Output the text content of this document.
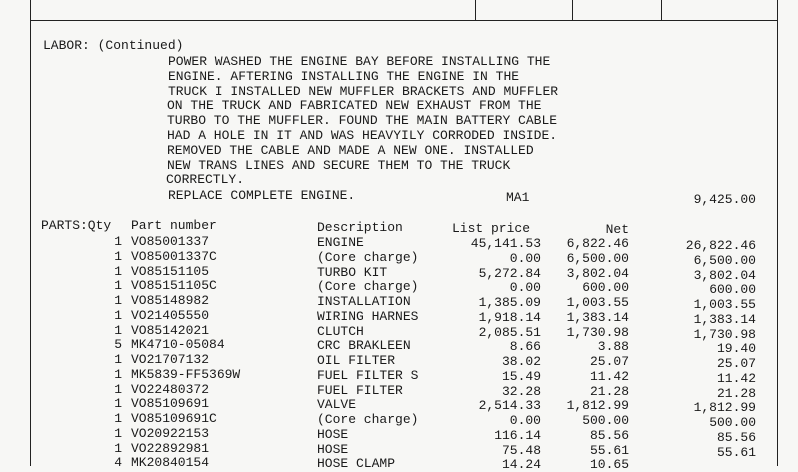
LABOR: (Continued)
POWER WASHED THE ENGINE BAY BEFORE INSTALLING THE
ENGINE. AFTERING INSTALLING THE ENGINE IN THE
TRUCK I INSTALLED NEW MUFFLER BRACKETS AND MUFFLER
ON THE TRUCK AND FABRICATED NEW EXHAUST FROM THE
TURBO TO THE MUFFLER. FOUND THE MAIN BATTERY CABLE
HAD A HOLE IN IT AND WAS HEAVYILY CORRODED INSIDE.
REMOVED THE CABLE AND MADE A NEW ONE. INSTALLED
NEW TRANS LINES AND SECURE THEM TO THE TRUCK
CORRECTLY.
REPLACE COMPLETE ENGINE.	MA1	9,425.00
PARTS:Qty Part number	Description	List price	Net
1 VO85001337	ENGINE	45,141.53	6,822.46	26,822.46
1 VO85001337C	(Core charge)	0.00	6,500.00	6,500.00
1 VO85151105	TURBO KIT	5,272.84	3,802.04	3,802.04
1 VO85151105C	(Core charge)	0.00	600.00	600.00
1 VO85148982	INSTALLATION	1,385.09	1,003.55	1,003.55
1 VO21405550	WIRING HARNES	1,918.14	1,383.14	1,383.14
1 VO85142021	CLUTCH	2,085.51	1,730.98	1,730.98
5 MK4710-05084	CRC BRAKLEEN	8.66	3.88	19.40
1 VO21707132	OIL FILTER	38.02	25.07	25.07
1 MK5839-FF5369W	FUEL FILTER S	15.49	11.42	11.42
1 VO22480372	FUEL FILTER	32.28	21.28	21.28
1 VO85109691	VALVE	2,514.33	1,812.99	1,812.99
1 VO85109691C	(Core charge)	0.00	500.00	500.00
1 VO20922153	HOSE	116.14	85.56	85.56
1 VO22892981	HOSE	75.48	55.61	55.61
4 MK20840154	HOSE CLAMP	14.24	10.65
